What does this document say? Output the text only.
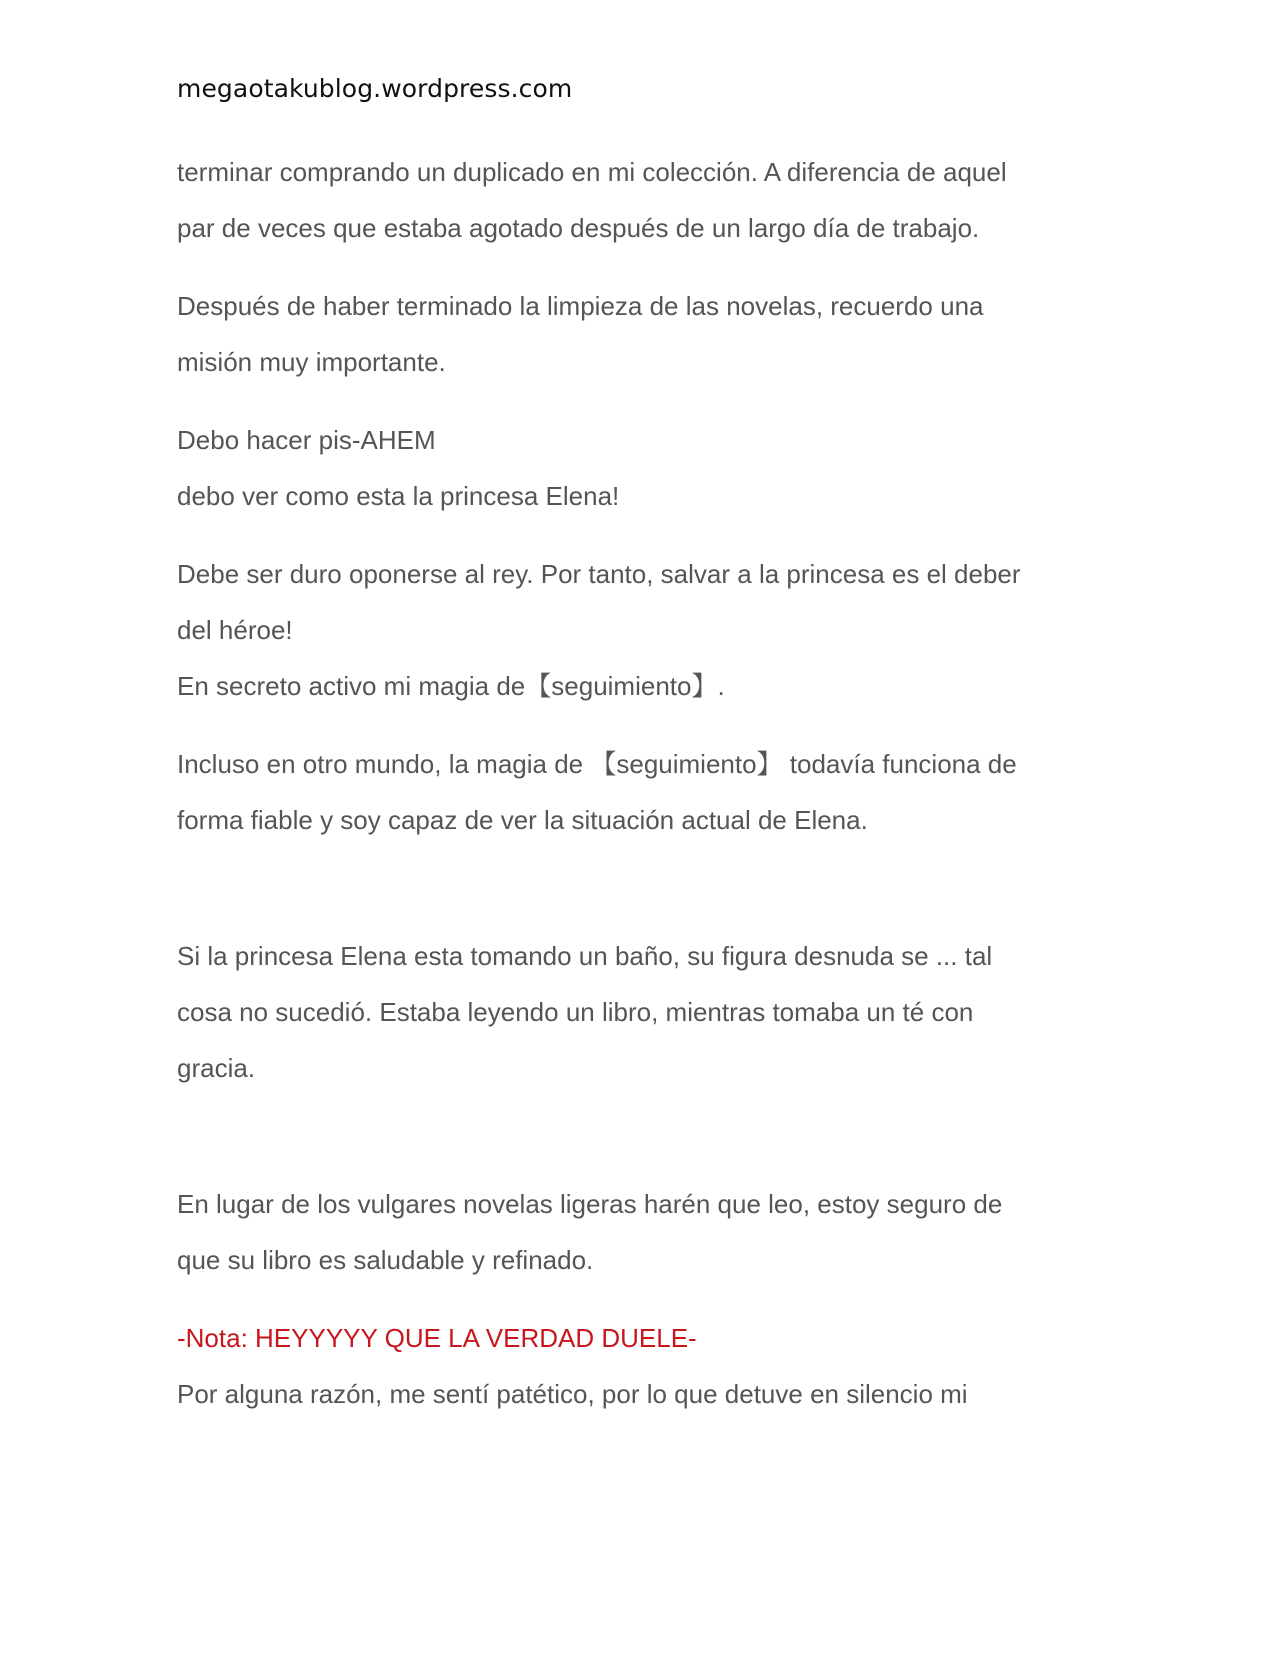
megaotakublog.wordpress.com
terminar comprando un duplicado en mi colección. A diferencia de aquel
par de veces que estaba agotado después de un largo día de trabajo.
Después de haber terminado la limpieza de las novelas, recuerdo una
misión muy importante.
Debo hacer pis-AHEM
debo ver como esta la princesa Elena!
Debe ser duro oponerse al rey. Por tanto, salvar a la princesa es el deber
del héroe!
En secreto activo mi magia de【seguimiento】.
Incluso en otro mundo, la magia de 【seguimiento】 todavía funciona de
forma fiable y soy capaz de ver la situación actual de Elena.
Si la princesa Elena esta tomando un baño, su figura desnuda se ... tal
cosa no sucedió. Estaba leyendo un libro, mientras tomaba un té con
gracia.
En lugar de los vulgares novelas ligeras harén que leo, estoy seguro de
que su libro es saludable y refinado.
-Nota: HEYYYYY QUE LA VERDAD DUELE-
Por alguna razón, me sentí patético, por lo que detuve en silencio mi
